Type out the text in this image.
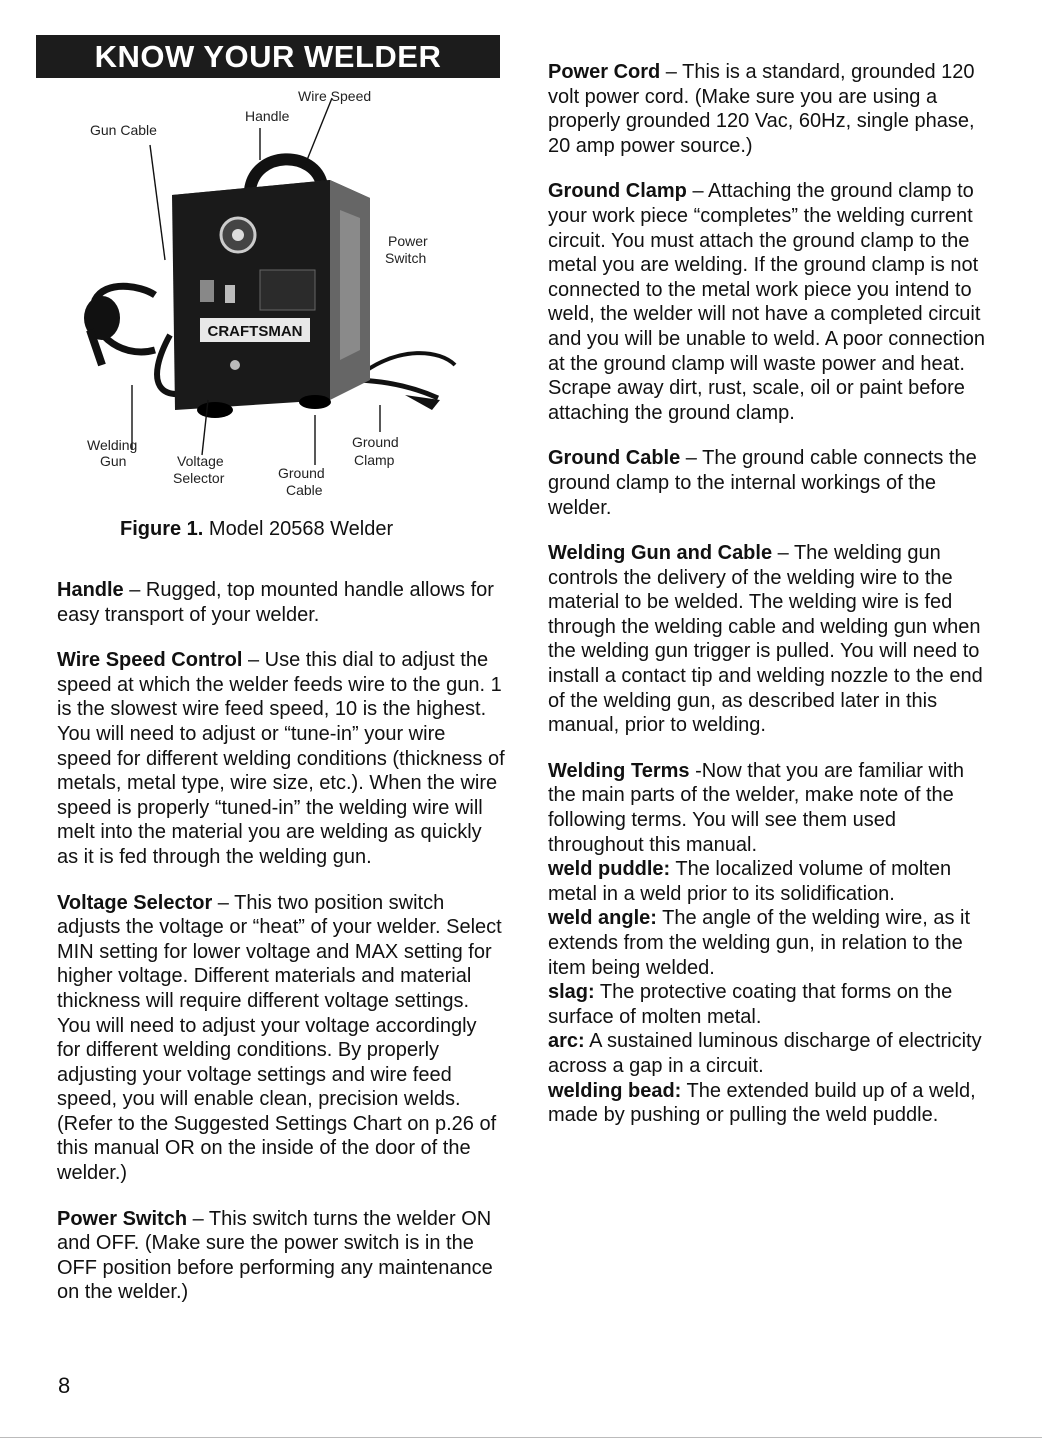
KNOW YOUR WELDER
CRAFTSMAN
Wire Speed
Handle
Gun Cable
Power
Switch
Welding
Gun	Voltage
Selector	Ground
Cable
Ground
Clamp
Figure 1. Model 20568 Welder

Handle – Rugged, top mounted handle allows for easy transport of your welder.

Wire Speed Control – Use this dial to adjust the speed at which the welder feeds wire to the gun. 1 is the slowest wire feed speed, 10 is the highest. You will need to adjust or “tune-in” your wire speed for different welding conditions (thickness of metals, metal type, wire size, etc.). When the wire speed is properly “tuned-in” the welding wire will melt into the material you are welding as quickly as it is fed through the welding gun.

Voltage Selector – This two position switch adjusts the voltage or “heat” of your welder. Select MIN setting for lower voltage and MAX setting for higher voltage. Different materials and material thickness will require different voltage settings. You will need to adjust your voltage accordingly for different welding conditions. By properly adjusting your voltage settings and wire feed speed, you will enable clean, precision welds. (Refer to the Suggested Settings Chart on p.26 of this manual OR on the inside of the door of the welder.)

Power Switch – This switch turns the welder ON and OFF. (Make sure the power switch is in the OFF position before performing any maintenance on the welder.)

Power Cord – This is a standard, grounded 120 volt power cord. (Make sure you are using a properly grounded 120 Vac, 60Hz, single phase, 20 amp power source.)

Ground Clamp – Attaching the ground clamp to your work piece “completes” the welding current circuit. You must attach the ground clamp to the metal you are welding. If the ground clamp is not connected to the metal work piece you intend to weld, the welder will not have a completed circuit and you will be unable to weld. A poor connection at the ground clamp will waste power and heat. Scrape away dirt, rust, scale, oil or paint before attaching the ground clamp.

Ground Cable – The ground cable connects the ground clamp to the internal workings of the welder.

Welding Gun and Cable – The welding gun controls the delivery of the welding wire to the material to be welded. The welding wire is fed through the welding cable and welding gun when the welding gun trigger is pulled. You will need to install a contact tip and welding nozzle to the end of the welding gun, as described later in this manual, prior to welding.

Welding Terms -Now that you are familiar with the main parts of the welder, make note of the following terms. You will see them used throughout this manual.

weld puddle: The localized volume of molten metal in a weld prior to its solidification.

weld angle: The angle of the welding wire, as it extends from the welding gun, in relation to the item being welded.

slag: The protective coating that forms on the surface of molten metal.

arc: A sustained luminous discharge of electricity across a gap in a circuit.

welding bead: The extended build up of a weld, made by pushing or pulling the weld puddle.

8
